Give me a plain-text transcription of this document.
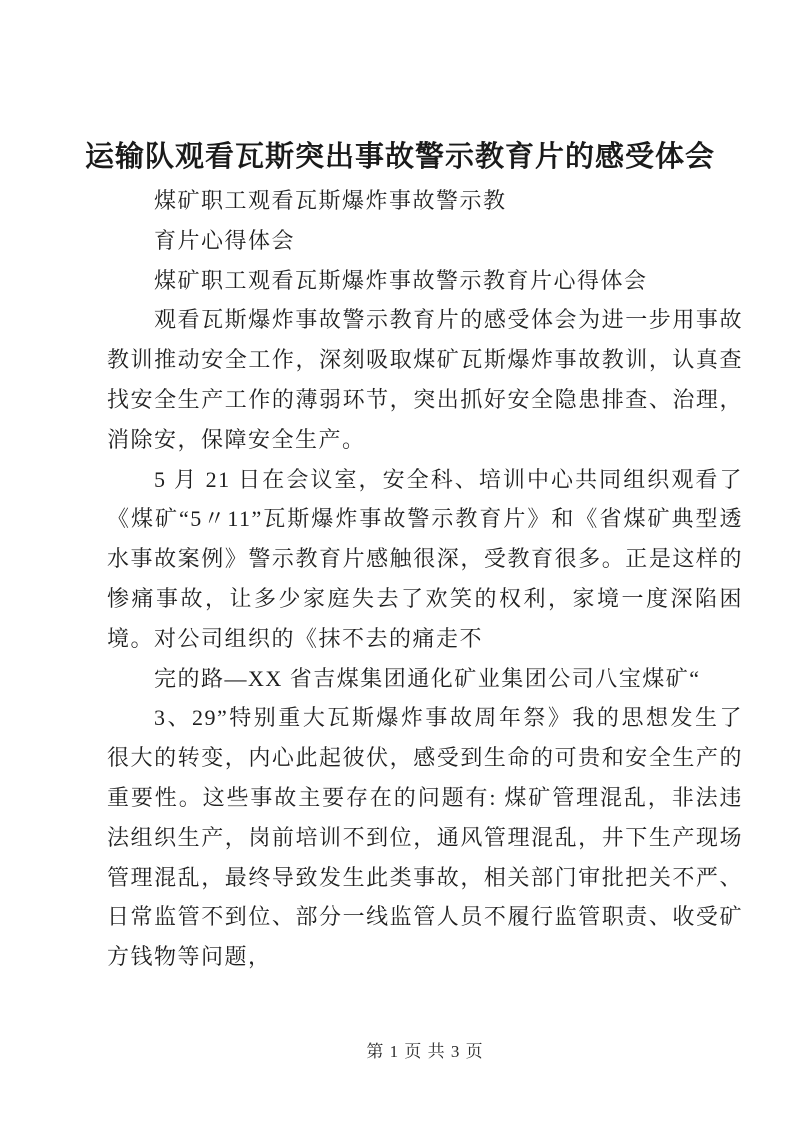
运输队观看瓦斯突出事故警示教育片的感受体会

煤矿职工观看瓦斯爆炸事故警示教

育片心得体会

煤矿职工观看瓦斯爆炸事故警示教育片心得体会

观看瓦斯爆炸事故警示教育片的感受体会为进一步用事故教训推动安全工作，深刻吸取煤矿瓦斯爆炸事故教训，认真查找安全生产工作的薄弱环节，突出抓好安全隐患排查、治理，消除安，保障安全生产。

5 月 21 日在会议室，安全科、培训中心共同组织观看了《煤矿“5〃11”瓦斯爆炸事故警示教育片》和《省煤矿典型透水事故案例》警示教育片感触很深，受教育很多。正是这样的惨痛事故，让多少家庭失去了欢笑的权利，家境一度深陷困境。对公司组织的《抹不去的痛走不

完的路—XX 省吉煤集团通化矿业集团公司八宝煤矿“

3、29”特别重大瓦斯爆炸事故周年祭》我的思想发生了很大的转变，内心此起彼伏，感受到生命的可贵和安全生产的重要性。这些事故主要存在的问题有: 煤矿管理混乱，非法违法组织生产，岗前培训不到位，通风管理混乱，井下生产现场管理混乱，最终导致发生此类事故，相关部门审批把关不严、日常监管不到位、部分一线监管人员不履行监管职责、收受矿方钱物等问题，

第 1 页 共 3 页
